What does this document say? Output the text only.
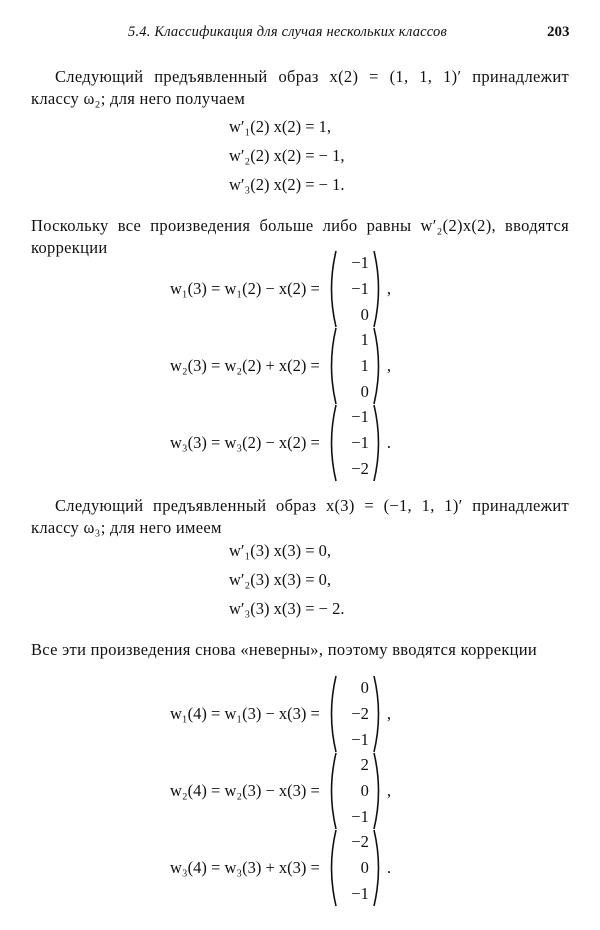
5.4. Классификация для случая нескольких классов	203
Следующий предъявленный образ x(2) = (1, 1, 1)′ принадлежит классу ω₂; для него получаем
w′₁(2) x(2) = 1,
w′₂(2) x(2) = − 1,
w′₃(2) x(2) = − 1.
Поскольку все произведения больше либо равны w′₂(2)x(2), вводятся коррекции
w₁(3) = w₁(2) − x(2) =
−1
−1
0
,
w₂(3) = w₂(2) + x(2) =
1
1
0
,
w₃(3) = w₃(2) − x(2) =
−1
−1
−2
.
Следующий предъявленный образ x(3) = (−1, 1, 1)′ принадлежит классу ω₃; для него имеем
w′₁(3) x(3) = 0,
w′₂(3) x(3) = 0,
w′₃(3) x(3) = − 2.
Все эти произведения снова «неверны», поэтому вводятся коррекции
w₁(4) = w₁(3) − x(3) =
0
−2
−1
,
w₂(4) = w₂(3) − x(3) =
2
0
−1
,
w₃(4) = w₃(3) + x(3) =
−2
0
−1
.
